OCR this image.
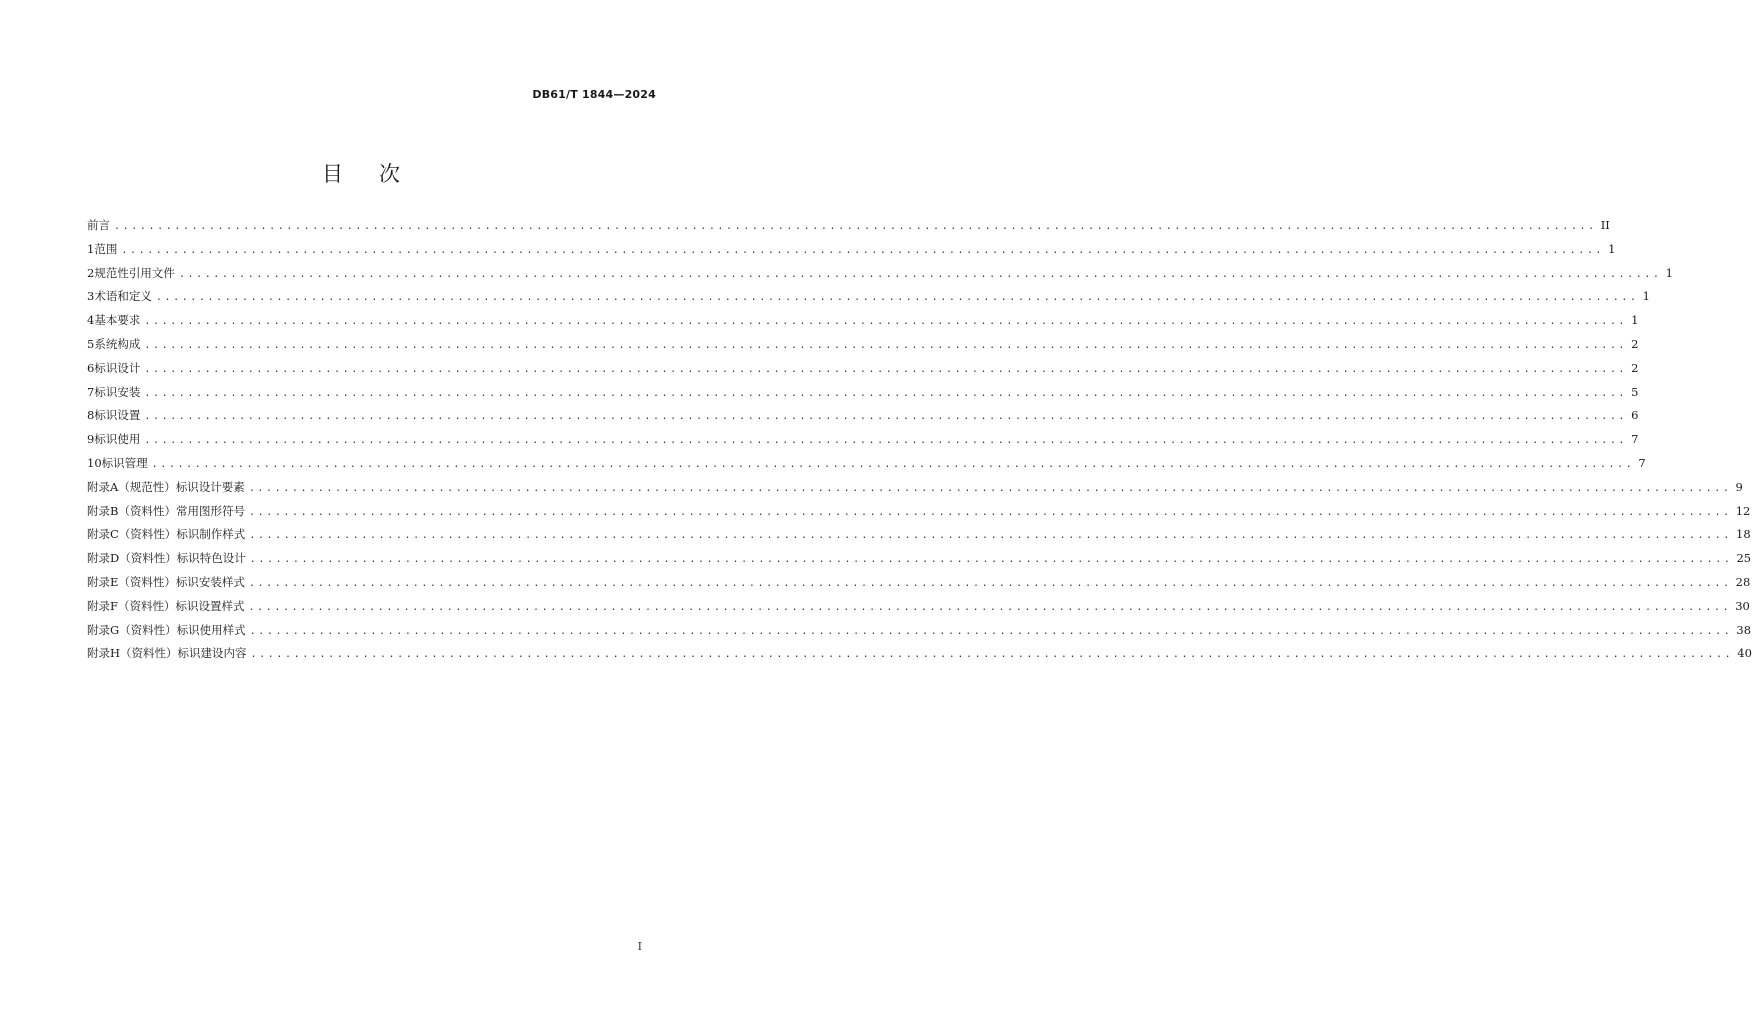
DB61/T 1844—2024
目 次
前 言 ............................................................................................................................................................................ II
1 范围 ............................................................................................................................................................................ 1
2 规范性引用文件 ............................................................................................................................................................................ 1
3 术语和定义 ............................................................................................................................................................................ 1
4 基本要求 ............................................................................................................................................................................ 1
5 系统构成 ............................................................................................................................................................................ 2
6 标识设计 ............................................................................................................................................................................ 2
7 标识安装 ............................................................................................................................................................................ 5
8 标识设置 ............................................................................................................................................................................ 6
9 标识使用 ............................................................................................................................................................................ 7
10 标识管理 ............................................................................................................................................................................ 7
附录A （规范性） 标识设计要素 ............................................................................................................................................................................ 9
附录B （资料性） 常用图形符号 ............................................................................................................................................................................ 12
附录C （资料性） 标识制作样式 ............................................................................................................................................................................ 18
附录D （资料性） 标识特色设计 ............................................................................................................................................................................ 25
附录E （资料性） 标识安装样式 ............................................................................................................................................................................ 28
附录F （资料性） 标识设置样式 ............................................................................................................................................................................ 30
附录G （资料性） 标识使用样式 ............................................................................................................................................................................ 38
附录H （资料性） 标识建设内容 ............................................................................................................................................................................ 40
I
